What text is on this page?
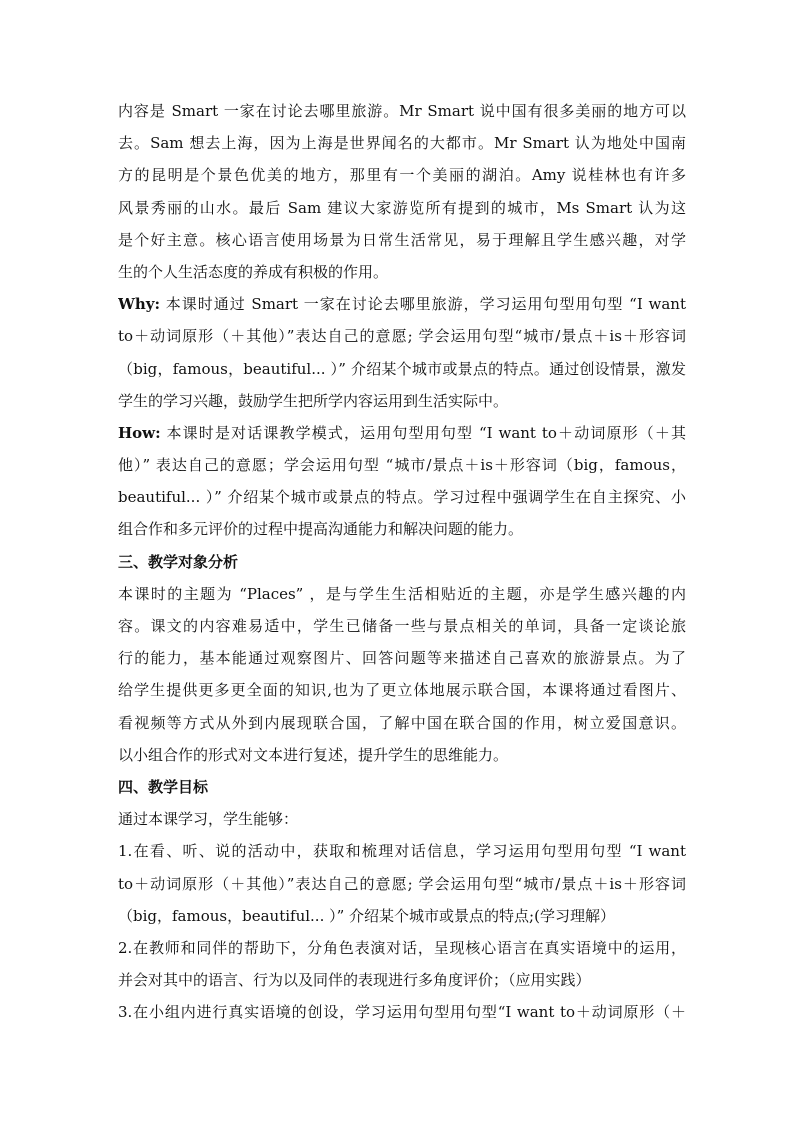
内容是 Smart 一家在讨论去哪里旅游。Mr Smart 说中国有很多美丽的地方可以
去。Sam 想去上海，因为上海是世界闻名的大都市。Mr Smart 认为地处中国南
方的昆明是个景色优美的地方，那里有一个美丽的湖泊。Amy 说桂林也有许多
风景秀丽的山水。最后 Sam 建议大家游览所有提到的城市，Ms Smart 认为这
是个好主意。核心语言使用场景为日常生活常见，易于理解且学生感兴趣，对学
生的个人生活态度的养成有积极的作用。
Why: 本课时通过 Smart 一家在讨论去哪里旅游，学习运用句型用句型 “I want
to＋动词原形（＋其他）”表达自己的意愿; 学会运用句型“城市/景点＋is＋形容词
（big，famous，beautiful... ）” 介绍某个城市或景点的特点。通过创设情景，激发
学生的学习兴趣，鼓励学生把所学内容运用到生活实际中。
How: 本课时是对话课教学模式，运用句型用句型 “I want to＋动词原形（＋其
他）” 表达自己的意愿；学会运用句型 “城市/景点＋is＋形容词（big，famous，
beautiful... ）” 介绍某个城市或景点的特点。学习过程中强调学生在自主探究、小
组合作和多元评价的过程中提高沟通能力和解决问题的能力。
三、教学对象分析
本课时的主题为 “Places” ，是与学生生活相贴近的主题，亦是学生感兴趣的内
容。课文的内容难易适中，学生已储备一些与景点相关的单词，具备一定谈论旅
行的能力，基本能通过观察图片、回答问题等来描述自己喜欢的旅游景点。为了
给学生提供更多更全面的知识,也为了更立体地展示联合国，本课将通过看图片、
看视频等方式从外到内展现联合国，了解中国在联合国的作用，树立爱国意识。
以小组合作的形式对文本进行复述，提升学生的思维能力。
四、教学目标
通过本课学习，学生能够：
1.在看、听、说的活动中，获取和梳理对话信息，学习运用句型用句型 “I want
to＋动词原形（＋其他）”表达自己的意愿; 学会运用句型“城市/景点＋is＋形容词
（big，famous，beautiful... ）” 介绍某个城市或景点的特点;(学习理解）
2.在教师和同伴的帮助下，分角色表演对话，呈现核心语言在真实语境中的运用，
并会对其中的语言、行为以及同伴的表现进行多角度评价；（应用实践）
3.在小组内进行真实语境的创设，学习运用句型用句型“I want to＋动词原形（＋
